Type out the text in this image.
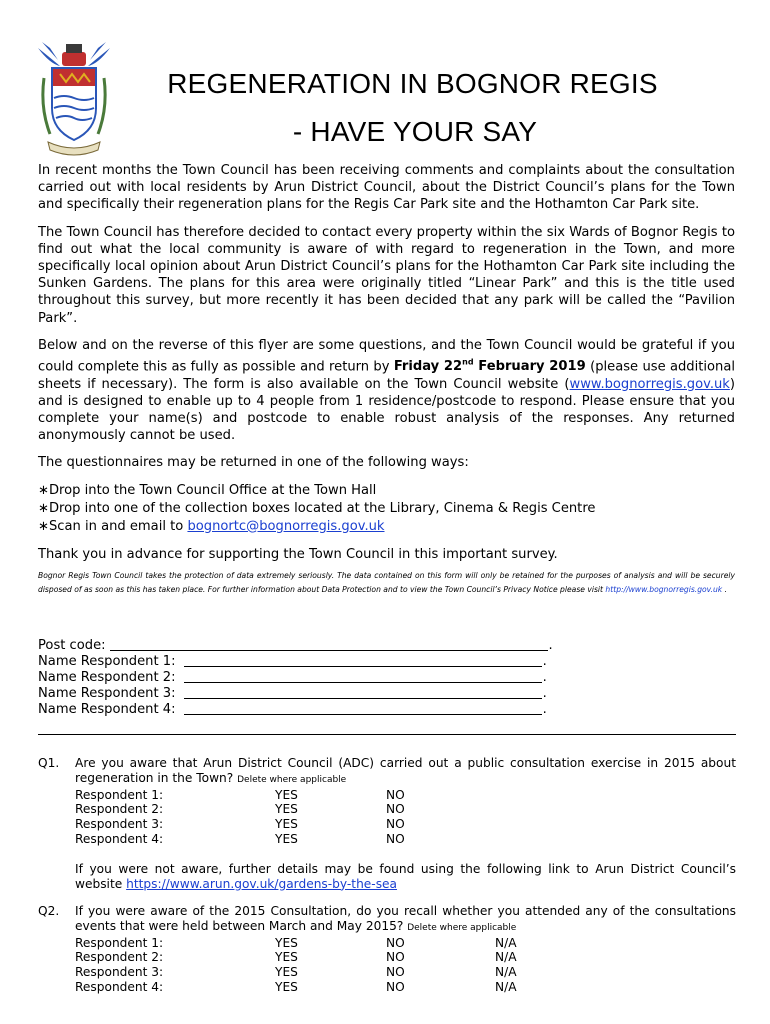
REGENERATION IN BOGNOR REGIS
- HAVE YOUR SAY

In recent months the Town Council has been receiving comments and complaints about the consultation carried out with local residents by Arun District Council, about the District Council’s plans for the Town and specifically their regeneration plans for the Regis Car Park site and the Hothamton Car Park site.

The Town Council has therefore decided to contact every property within the six Wards of Bognor Regis to find out what the local community is aware of with regard to regeneration in the Town, and more specifically local opinion about Arun District Council’s plans for the Hothamton Car Park site including the Sunken Gardens. The plans for this area were originally titled “Linear Park” and this is the title used throughout this survey, but more recently it has been decided that any park will be called the “Pavilion Park”.

Below and on the reverse of this flyer are some questions, and the Town Council would be grateful if you could complete this as fully as possible and return by Friday 22nd February 2019 (please use additional sheets if necessary). The form is also available on the Town Council website (www.bognorregis.gov.uk) and is designed to enable up to 4 people from 1 residence/postcode to respond. Please ensure that you complete your name(s) and postcode to enable robust analysis of the responses. Any returned anonymously cannot be used.

The questionnaires may be returned in one of the following ways:

∗Drop into the Town Council Office at the Town Hall
∗Drop into one of the collection boxes located at the Library, Cinema & Regis Centre
∗Scan in and email to bognortc@bognorregis.gov.uk

Thank you in advance for supporting the Town Council in this important survey.

Bognor Regis Town Council takes the protection of data extremely seriously. The data contained on this form will only be retained for the purposes of analysis and will be securely disposed of as soon as this has taken place. For further information about Data Protection and to view the Town Council’s Privacy Notice please visit http://www.bognorregis.gov.uk .

Post code:	.
Name Respondent 1:	.
Name Respondent 2:	.
Name Respondent 3:	.
Name Respondent 4:	.
Q1. Are you aware that Arun District Council (ADC) carried out a public consultation exercise in 2015 about regeneration in the Town? Delete where applicable
Respondent 1:	YES	NO
Respondent 2:	YES	NO
Respondent 3:	YES	NO
Respondent 4:	YES	NO
If you were not aware, further details may be found using the following link to Arun District Council’s website https://www.arun.gov.uk/gardens-by-the-sea
Q2. If you were aware of the 2015 Consultation, do you recall whether you attended any of the consultations events that were held between March and May 2015? Delete where applicable
Respondent 1:	YES	NO	N/A
Respondent 2:	YES	NO	N/A
Respondent 3:	YES	NO	N/A
Respondent 4:	YES	NO	N/A
